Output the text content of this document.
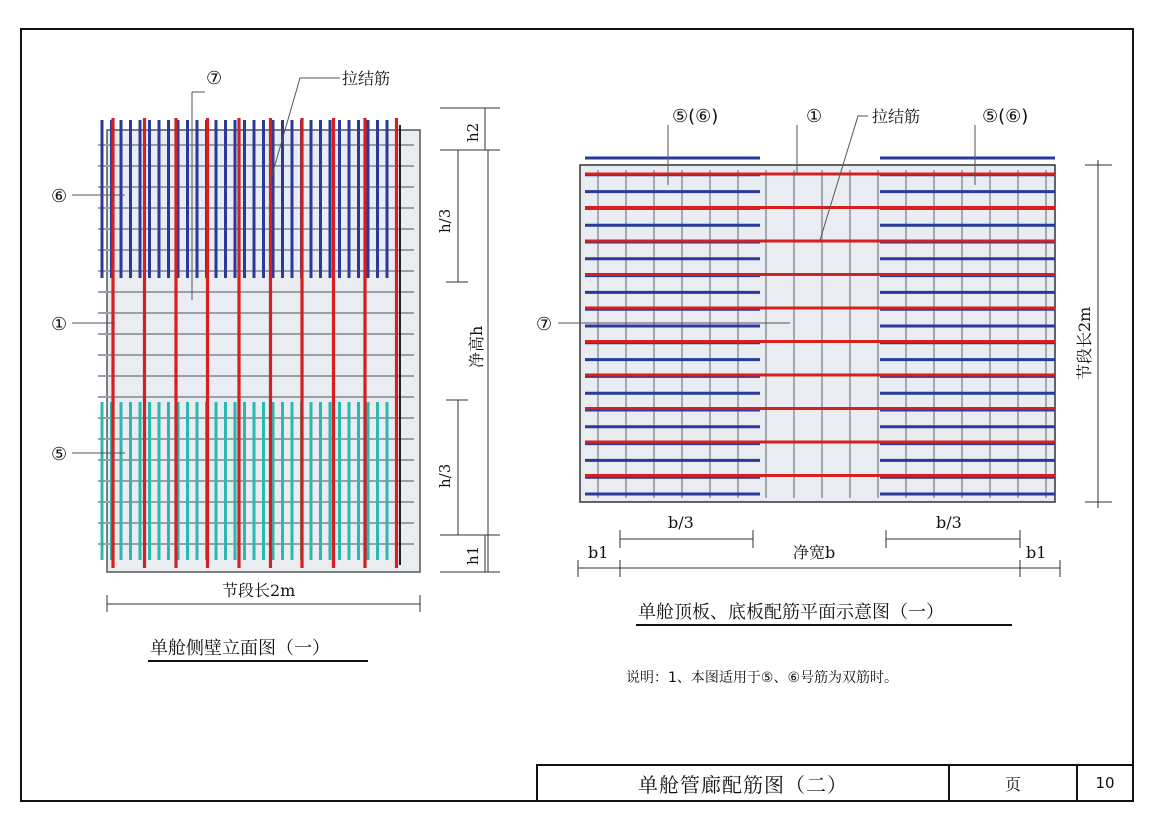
⑦	拉结筋
⑥
①
⑤
h2
h/3
净高h
h/3
h1
节段长2m
单舱侧壁立面图（一）
⑤(⑥)	①	拉结筋	⑤(⑥)
⑦	节段长2m
b/3	b/3
b1	净宽b	b1
单舱顶板、底板配筋平面示意图（一）
说明：1、本图适用于⑤、⑥号筋为双筋时。
单舱管廊配筋图（二）	页	10
